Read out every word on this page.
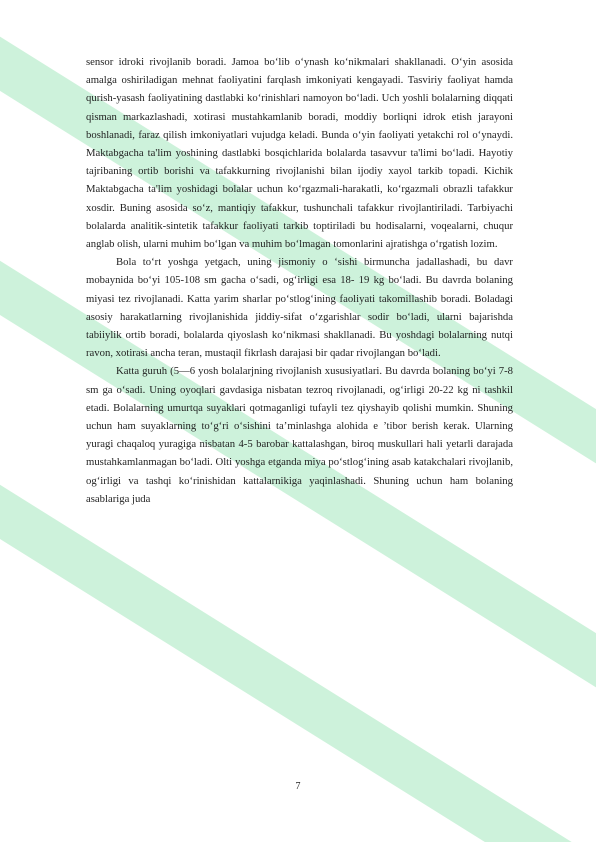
sensor idroki rivojlanib boradi. Jamoa bo‘lib o‘ynash ko‘nikmalari shakllanadi. O‘yin asosida amalga oshiriladigan mehnat faoliyatini farqlash imkoniyati kengayadi. Tasviriy faoliyat hamda qurish-yasash faoliyatining dastlabki ko‘rinishlari namoyon bo‘ladi. Uch yoshli bolalarning diqqati qisman markazlashadi, xotirasi mustahkamlanib boradi, moddiy borliqni idrok etish jarayoni boshlanadi, faraz qilish imkoniyatlari vujudga keladi. Bunda o‘yin faoliyati yetakchi rol o‘ynaydi. Maktabgacha ta'lim yoshining dastlabki bosqichlarida bolalarda tasavvur ta'limi bo‘ladi. Hayotiy tajribaning ortib borishi va tafakkurning rivojlanishi bilan ijodiy xayol tarkib topadi. Kichik Maktabgacha ta'lim yoshidagi bolalar uchun ko‘rgazmali-harakatli, ko‘rgazmali obrazli tafakkur xosdir. Buning asosida so‘z, mantiqiy tafakkur, tushunchali tafakkur rivojlantiriladi. Tarbiyachi bolalarda analitik-sintetik tafakkur faoliyati tarkib toptiriladi bu hodisalarni, voqealarni, chuqur anglab olish, ularni muhim bo‘lgan va muhim bo‘lmagan tomonlarini ajratishga o‘rgatish lozim.

Bola to‘rt yoshga yetgach, uning jismoniy o ‘sishi birmuncha jadallashadi, bu davr mobaynida bo‘yi 105-108 sm gacha o‘sadi, og‘irligi esa 18- 19 kg bo‘ladi. Bu davrda bolaning miyasi tez rivojlanadi. Katta yarim sharlar po‘stlog‘ining faoliyati takomillashib boradi. Boladagi asosiy harakatlarning rivojlanishida jiddiy-sifat o‘zgarishlar sodir bo‘ladi, ularni bajarishda tabiiylik ortib boradi, bolalarda qiyoslash ko‘nikmasi shakllanadi. Bu yoshdagi bolalarning nutqi ravon, xotirasi ancha teran, mustaqil fikrlash darajasi bir qadar rivojlangan bo‘ladi.

Katta guruh (5—6 yosh bolalarjning rivojlanish xususiyatlari. Bu davrda bolaning bo‘yi 7-8 sm ga o‘sadi. Uning oyoqlari gavdasiga nisbatan tezroq rivojlanadi, og‘irligi 20-22 kg ni tashkil etadi. Bolalarning umurtqa suyaklari qotmaganligi tufayli tez qiyshayib qolishi mumkin. Shuning uchun ham suyaklarning to‘g‘ri o‘sishini ta’minlashga alohida e ’tibor berish kerak. Ularning yuragi chaqaloq yuragiga nisbatan 4-5 barobar kattalashgan, biroq muskullari hali yetarli darajada mustahkamlanmagan bo‘ladi. Olti yoshga etganda miya po‘stlog‘ining asab katakchalari rivojlanib, og‘irligi va tashqi ko‘rinishidan kattalarnikiga yaqinlashadi. Shuning uchun ham bolaning asablariga juda

7
